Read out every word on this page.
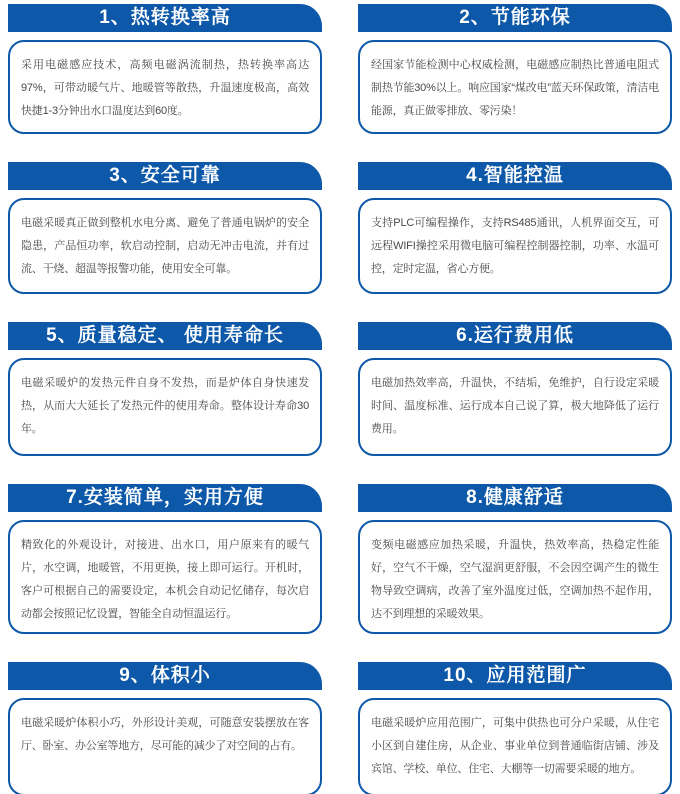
1、热转换率高
采用电磁感应技术，高频电磁涡流制热，热转换率高达97%，可带动暖气片、地暖管等散热，升温速度极高，高效快捷1-3分钟出水口温度达到60度。
2、节能环保
经国家节能检测中心权威检测，电磁感应制热比普通电阻式制热节能30%以上。响应国家“煤改电”蓝天环保政策，清洁电能源，真正做零排放、零污染！
3、安全可靠
电磁采暖真正做到整机水电分离、避免了普通电锅炉的安全隐患，产品恒功率，软启动控制，启动无冲击电流，并有过流、干烧、超温等报警功能，使用安全可靠。
4.智能控温
支持PLC可编程操作，支持RS485通讯，人机界面交互，可远程WIFI操控采用微电脑可编程控制器控制，功率、水温可控，定时定温，省心方便。
5、质量稳定、 使用寿命长
电磁采暖炉的发热元件自身不发热，而是炉体自身快速发热，从而大大延长了发热元件的使用寿命。整体设计寿命30年。
6.运行费用低
电磁加热效率高，升温快，不结垢，免维护，自行设定采暖时间、温度标准、运行成本自己说了算，极大地降低了运行费用。
7.安装简单，实用方便
精致化的外观设计，对接进、出水口，用户原来有的暖气片，水空调，地暖管，不用更换，接上即可运行。开机时，客户可根据自己的需要设定，本机会自动记忆储存，每次启动都会按照记忆设置，智能全自动恒温运行。
8.健康舒适
变频电磁感应加热采暖，升温快，热效率高，热稳定性能好，空气不干燥，空气湿润更舒服，不会因空调产生的微生物导致空调病，改善了室外温度过低，空调加热不起作用，达不到理想的采暖效果。
9、体积小
电磁采暖炉体积小巧，外形设计美观，可随意安装摆放在客厅、卧室、办公室等地方，尽可能的减少了对空间的占有。
10、应用范围广
电磁采暖炉应用范围广，可集中供热也可分户采暖，从住宅小区到自建住房，从企业、事业单位到普通临街店铺、涉及宾馆、学校、单位、住宅、大棚等一切需要采暖的地方。
